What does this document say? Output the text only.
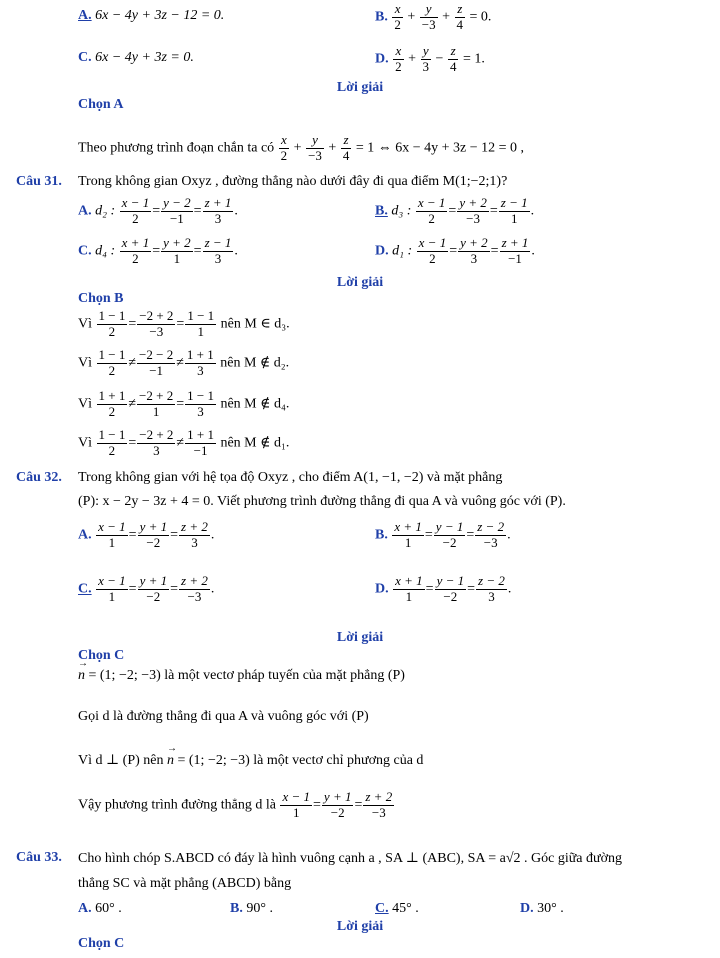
A. 6x − 4y + 3z − 12 = 0.	B. $\frac{x}{2} + \frac{y}{-3} + \frac{z}{4} = 0$.
C. 6x − 4y + 3z = 0.	D. $\frac{x}{2} + \frac{y}{3} - \frac{z}{4} = 1$.
Lời giải
Chọn A
Theo phương trình đoạn chắn ta có $\frac{x}{2} + \frac{y}{-3} + \frac{z}{4} = 1$ ⇔ 6x − 4y + 3z − 12 = 0 ,
Câu 31. Trong không gian Oxyz , đường thẳng nào dưới đây đi qua điểm M(1;−2;1)?
A. d₂ : $\frac{x - 1}{2} = \frac{y - 2}{-1} = \frac{z + 1}{3}$ .	B. d₃ : $\frac{x - 1}{2} = \frac{y + 2}{-3} = \frac{z - 1}{1}$ .
C. d₄ : $\frac{x + 1}{2} = \frac{y + 2}{1} = \frac{z - 1}{3}$ .	D. d₁ : $\frac{x - 1}{2} = \frac{y + 2}{3} = \frac{z + 1}{-1}$ .
Lời giải
Chọn B
Vì $\frac{1 - 1}{2} = \frac{-2 + 2}{-3} = \frac{1 - 1}{1}$ nên M ∈ d₃.
Vì $\frac{1 - 1}{2} \ne \frac{-2 - 2}{-1} \ne \frac{1 + 1}{3}$ nên M ∉ d₂.
Vì $\frac{1 + 1}{2} \ne \frac{-2 + 2}{1} = \frac{1 - 1}{3}$ nên M ∉ d₄.
Vì $\frac{1 - 1}{2} = \frac{-2 + 2}{3} \ne \frac{1 + 1}{-1}$ nên M ∉ d₁.
Câu 32. Trong không gian với hệ tọa độ Oxyz , cho điểm A(1, −1, −2) và mặt phẳng
(P): x − 2y − 3z + 4 = 0. Viết phương trình đường thẳng đi qua A và vuông góc với (P).
A. $\frac{x - 1}{1} = \frac{y + 1}{-2} = \frac{z + 2}{3}$ .	B. $\frac{x + 1}{1} = \frac{y - 1}{-2} = \frac{z - 2}{-3}$ .
C. $\frac{x - 1}{1} = \frac{y + 1}{-2} = \frac{z + 2}{-3}$ .	D. $\frac{x + 1}{1} = \frac{y - 1}{-2} = \frac{z - 2}{3}$ .
Lời giải
Chọn C
→ n = (1; −2; −3) là một vectơ pháp tuyến của mặt phẳng (P)
Gọi d là đường thẳng đi qua A và vuông góc với (P)
Vì d ⊥ (P) nên → n = (1; −2; −3) là một vectơ chỉ phương của d
Vậy phương trình đường thẳng d là $\frac{x - 1}{1} = \frac{y + 1}{-2} = \frac{z + 2}{-3}$
Câu 33. Cho hình chóp S.ABCD có đáy là hình vuông cạnh a , SA ⊥ (ABC), SA = a√2 . Góc giữa đường
thẳng SC và mặt phẳng (ABCD) bằng
A. 60° .	B. 90° .	C. 45° .	D. 30° .
Lời giải
Chọn C
